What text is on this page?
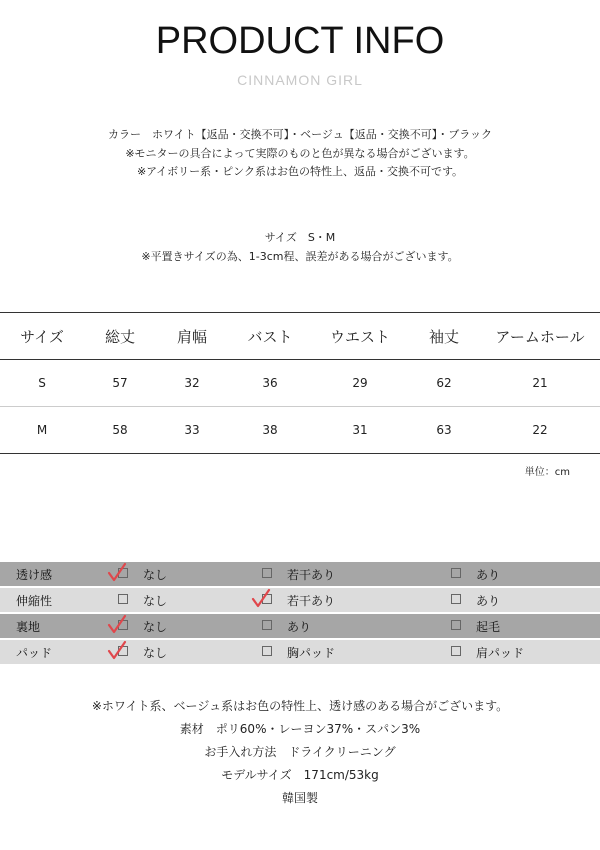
PRODUCT INFO
CINNAMON GIRL
カラー　ホワイト【返品・交換不可】・ベージュ【返品・交換不可】・ブラック
※モニターの具合によって実際のものと色が異なる場合がございます。
※アイボリー系・ピンク系はお色の特性上、返品・交換不可です。
サイズ　S・M
※平置きサイズの為、1-3cm程、誤差がある場合がございます。
サイズ	総丈	肩幅	バスト	ウエスト	袖丈	アームホール
S	57	32	36	29	62	21
M	58	33	38	31	63	22
単位：cm
透け感	なし	若干あり	あり
伸縮性	なし	若干あり	あり
裏地	なし	あり	起毛
パッド	なし	胸パッド	肩パッド
※ホワイト系、ベージュ系はお色の特性上、透け感のある場合がございます。
素材　ポリ60%・レーヨン37%・スパン3%
お手入れ方法　ドライクリーニング
モデルサイズ　171cm/53kg
韓国製
